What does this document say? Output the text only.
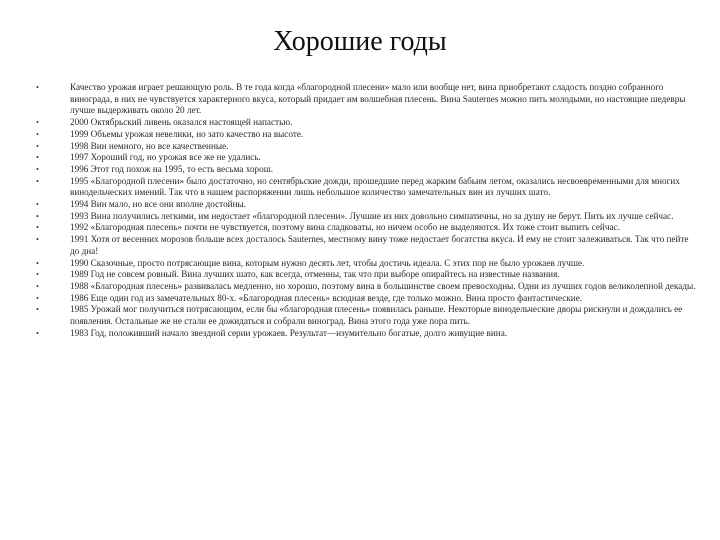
Хорошие годы
•	Качество урожая играет решающую роль. В те года когда «благородной плесени» мало или вообще нет, вина приобретают сладость поздно собранного винограда, в них не чувствуется характерного вкуса, который придает им волшебная плесень. Вина Sauternes можно пить молодыми, но настоящие шедевры лучше выдерживать около 20 лет.
•	2000 Октябрьский ливень оказался настоящей напастью.
•	1999 Объемы урожая невелики, но зато качество на высоте.
•	1998 Вин немного, но все качественные.
•	1997 Хороший год, но урожая все же не удались.
•	1996 Этот год похож на 1995, то есть весьма хорош.
•	1995 «Благородной плесени» было достаточно, но сентябрьские дожди, прошедшие перед жарким бабьим летом, оказались несвоевременными для многих винодельческих имений. Так что в нашем распоряжении лишь небольшое количество замечательных вин из лучших шато.
•	1994 Вин мало, но все они вполне достойны.
•	1993 Вина получились легкими, им недостает «благородной плесени». Лучшие из них довольно симпатичны, но за душу не берут. Пить их лучше сейчас.
•	1992 «Благородная плесень» почти не чувствуется, поэтому вина сладковаты, но ничем особо не выделяются. Их тоже стоит выпить сейчас.
•	1991 Хотя от весенних морозов больше всех досталось Sauternes, местному вину тоже недостает богатства вкуса. И ему не стоит залеживаться. Так что пейте до дна!
•	1990 Сказочные, просто потрясающие вина, которым нужно десять лет, чтобы достичь идеала. С этих пор не было урожаев лучше.
•	1989 Год не совсем ровный. Вина лучших шато, как всегда, отменны, так что при выборе опирайтесь на известные названия.
•	1988 «Благородная плесень» развивалась медленно, но хорошо, поэтому вина в большинстве своем превосходны. Одни из лучших годов великолепной декады.
•	1986 Еще один год из замечательных 80-х. «Благородная плесень» всюдная везде, где только можно. Вина просто фантастические.
•	1985 Урожай мог получиться потрясающим, если бы «благородная плесень» появилась раньше. Некоторые винодельческие дворы рискнули и дождались ее появления. Остальные же не стали ее дожидаться и собрали виноград. Вина этого года уже пора пить.
•	1983 Год, положивший начало звездной серии урожаев. Результат—изумительно богатые, долго живущие вина.
